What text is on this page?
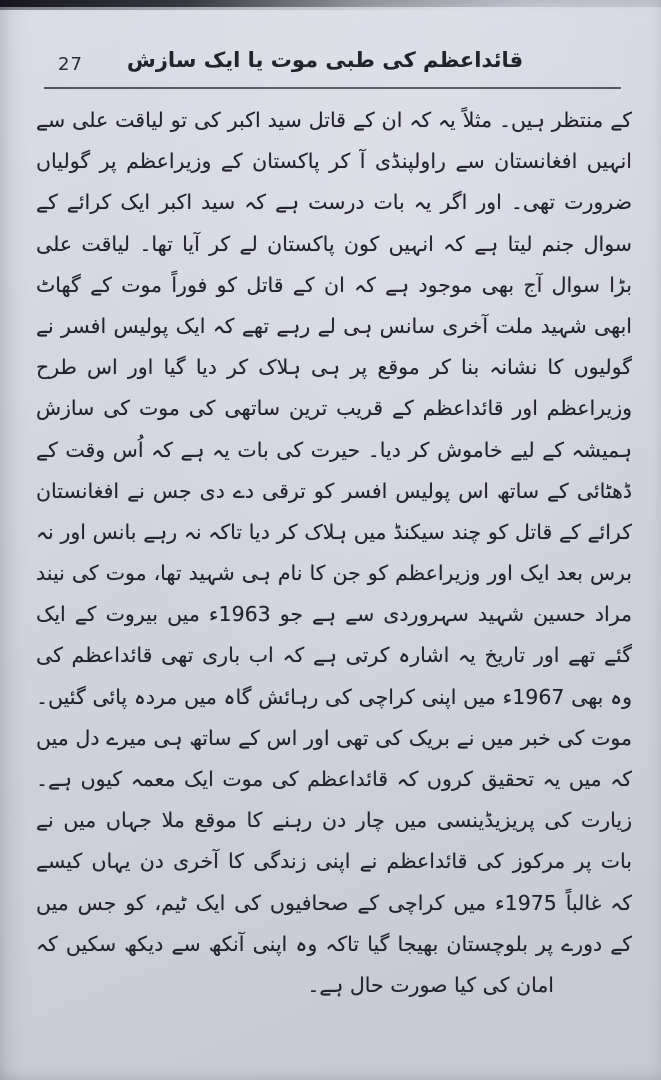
27 قائداعظم کی طبی موت یا ایک سازش
کے منتظر ہیں۔ مثلاً یہ کہ ان کے قاتل سید اکبر کی تو لیاقت علی سے
انہیں افغانستان سے راولپنڈی آ کر پاکستان کے وزیراعظم پر گولیاں
ضرورت تھی۔ اور اگر یہ بات درست ہے کہ سید اکبر ایک کرائے کے
سوال جنم لیتا ہے کہ انہیں کون پاکستان لے کر آیا تھا۔ لیاقت علی
بڑا سوال آج بھی موجود ہے کہ ان کے قاتل کو فوراً موت کے گھاٹ
ابھی شہید ملت آخری سانس ہی لے رہے تھے کہ ایک پولیس افسر نے
گولیوں کا نشانہ بنا کر موقع پر ہی ہلاک کر دیا گیا اور اس طرح
وزیراعظم اور قائداعظم کے قریب ترین ساتھی کی موت کی سازش
ہمیشہ کے لیے خاموش کر دیا۔ حیرت کی بات یہ ہے کہ اُس وقت کے
ڈھٹائی کے ساتھ اس پولیس افسر کو ترقی دے دی جس نے افغانستان
کرائے کے قاتل کو چند سیکنڈ میں ہلاک کر دیا تاکہ نہ رہے بانس اور نہ
برس بعد ایک اور وزیراعظم کو جن کا نام ہی شہید تھا، موت کی نیند
مراد حسین شہید سہروردی سے ہے جو 1963ء میں بیروت کے ایک
گئے تھے اور تاریخ یہ اشارہ کرتی ہے کہ اب باری تھی قائداعظم کی
وہ بھی 1967ء میں اپنی کراچی کی رہائش گاہ میں مردہ پائی گئیں۔
موت کی خبر میں نے بریک کی تھی اور اس کے ساتھ ہی میرے دل میں
کہ میں یہ تحقیق کروں کہ قائداعظم کی موت ایک معمہ کیوں ہے۔
زیارت کی پریزیڈینسی میں چار دن رہنے کا موقع ملا جہاں میں نے
بات پر مرکوز کی قائداعظم نے اپنی زندگی کا آخری دن یہاں کیسے
کہ غالباً 1975ء میں کراچی کے صحافیوں کی ایک ٹیم، کو جس میں
کے دورے پر بلوچستان بھیجا گیا تاکہ وہ اپنی آنکھ سے دیکھ سکیں کہ
امان کی کیا صورت حال ہے۔
